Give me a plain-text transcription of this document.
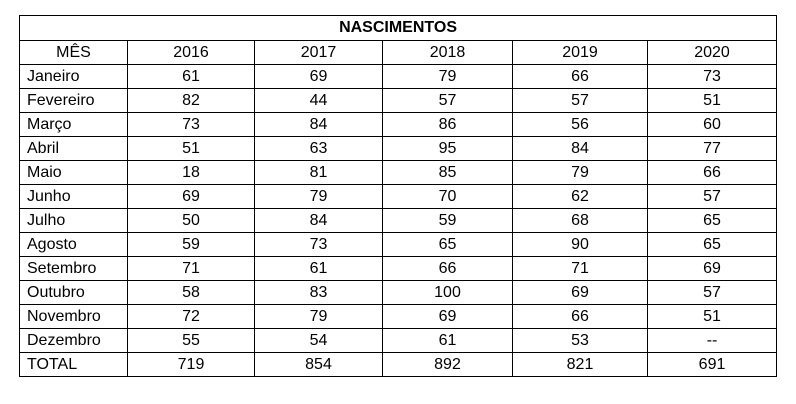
NASCIMENTOS					
MÊS	2016	2017	2018	2019	2020
Janeiro	61	69	79	66	73
Fevereiro	82	44	57	57	51
Março	73	84	86	56	60
Abril	51	63	95	84	77
Maio	18	81	85	79	66
Junho	69	79	70	62	57
Julho	50	84	59	68	65
Agosto	59	73	65	90	65
Setembro	71	61	66	71	69
Outubro	58	83	100	69	57
Novembro	72	79	69	66	51
Dezembro	55	54	61	53	--
TOTAL	719	854	892	821	691
